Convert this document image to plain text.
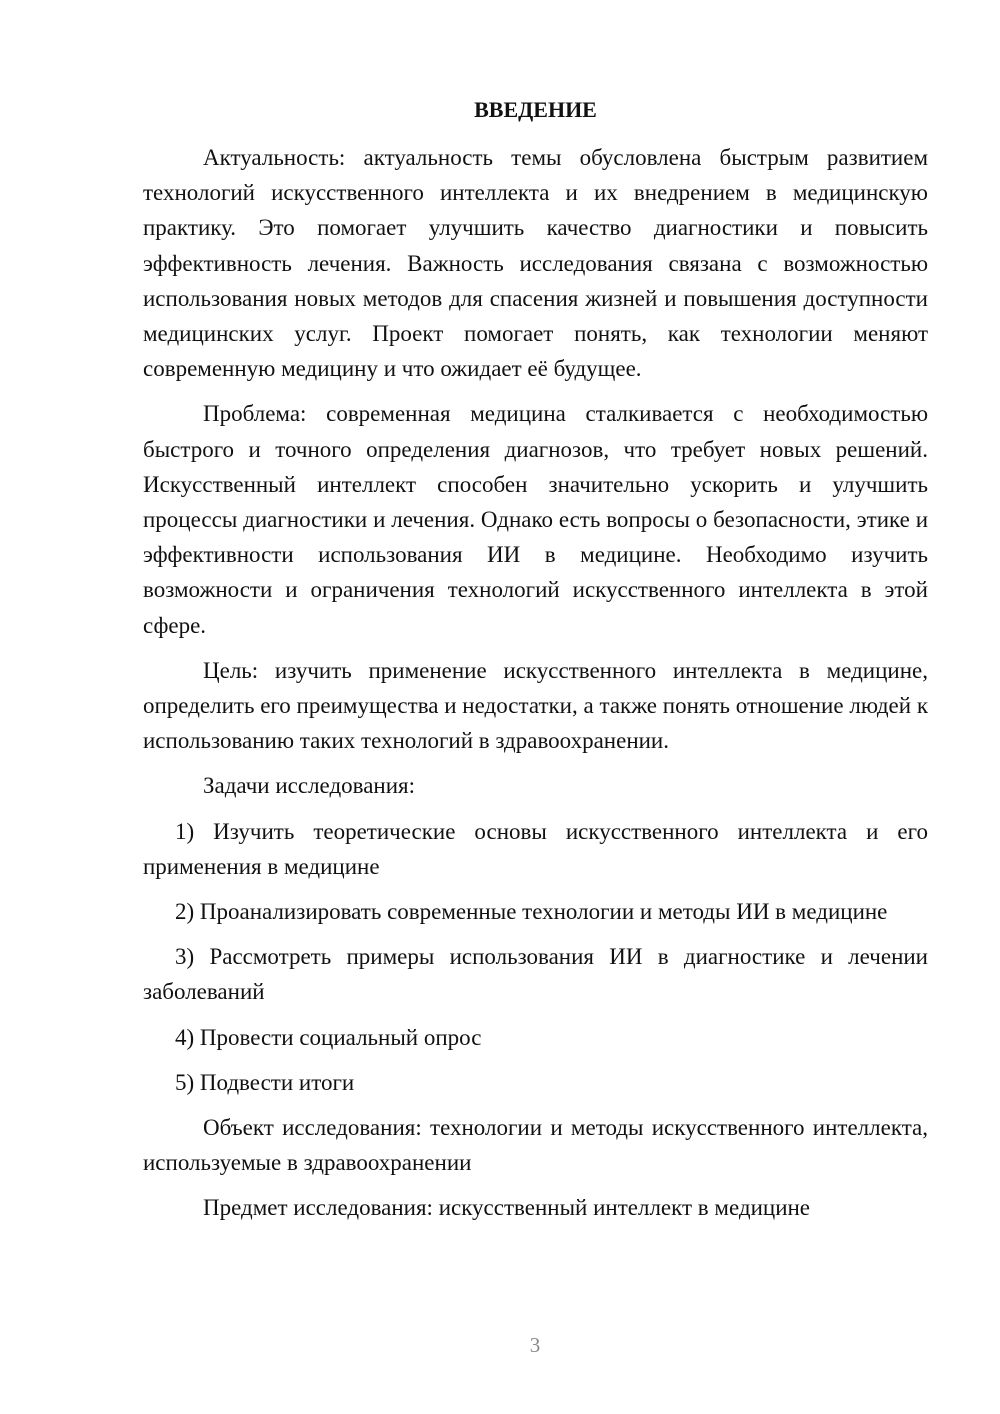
ВВЕДЕНИЕ

Актуальность: актуальность темы обусловлена быстрым развитием технологий искусственного интеллекта и их внедрением в медицинскую практику. Это помогает улучшить качество диагностики и повысить эффективность лечения. Важность исследования связана с возможностью использования новых методов для спасения жизней и повышения доступности медицинских услуг. Проект помогает понять, как технологии меняют современную медицину и что ожидает её будущее.

Проблема: современная медицина сталкивается с необходимостью быстрого и точного определения диагнозов, что требует новых решений. Искусственный интеллект способен значительно ускорить и улучшить процессы диагностики и лечения. Однако есть вопросы о безопасности, этике и эффективности использования ИИ в медицине. Необходимо изучить возможности и ограничения технологий искусственного интеллекта в этой сфере.

Цель: изучить применение искусственного интеллекта в медицине, определить его преимущества и недостатки, а также понять отношение людей к использованию таких технологий в здравоохранении.

Задачи исследования:

1) Изучить теоретические основы искусственного интеллекта и его применения в медицине

2) Проанализировать современные технологии и методы ИИ в медицине

3) Рассмотреть примеры использования ИИ в диагностике и лечении заболеваний

4) Провести социальный опрос

5) Подвести итоги

Объект исследования: технологии и методы искусственного интеллекта, используемые в здравоохранении

Предмет исследования: искусственный интеллект в медицине

3
